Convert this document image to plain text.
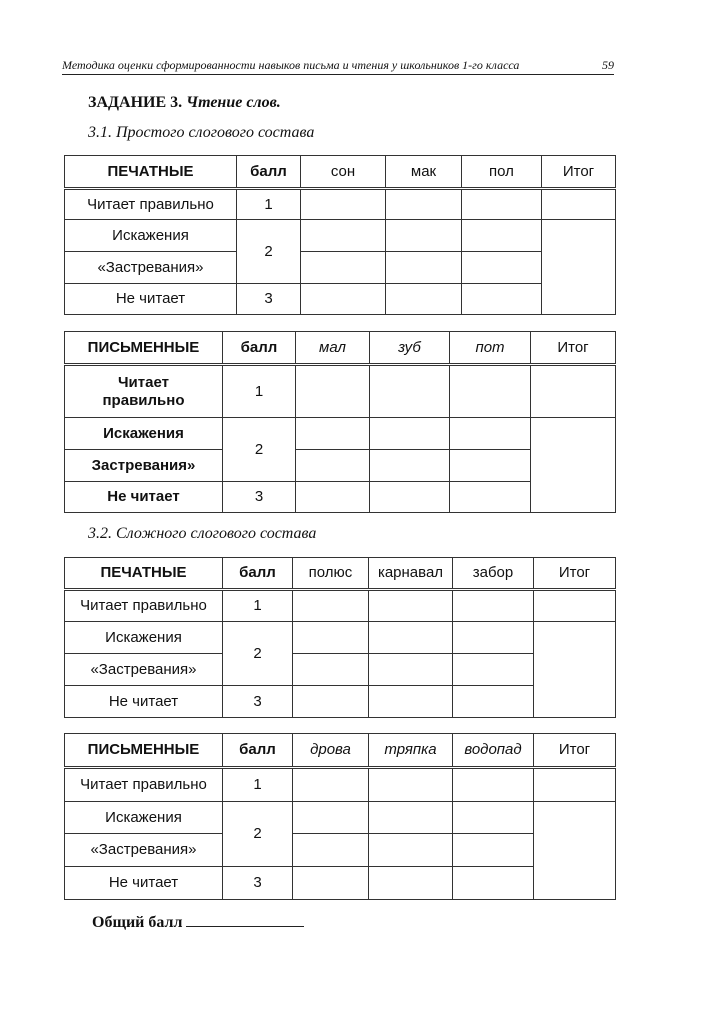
Методика оценки сформированности навыков письма и чтения у школьников 1-го класса	59
ЗАДАНИЕ 3. Чтение слов.
3.1. Простого слогового состава
ПЕЧАТНЫЕ	балл	сон	мак	пол	Итог
Читает правильно	1				
Искажения	2				
«Застревания»					
Не читает	3				
ПИСЬМЕННЫЕ	балл	мал	зуб	пот	Итог
Читает правильно	1				
Искажения	2				
Застревания»					
Не читает	3				
3.2. Сложного слогового состава
ПЕЧАТНЫЕ	балл	полюс	карнавал	забор	Итог
Читает правильно	1				
Искажения	2				
«Застревания»					
Не читает	3				
ПИСЬМЕННЫЕ	балл	дрова	тряпка	водопад	Итог
Читает правильно	1				
Искажения	2				
«Застревания»					
Не читает	3				
Общий балл
